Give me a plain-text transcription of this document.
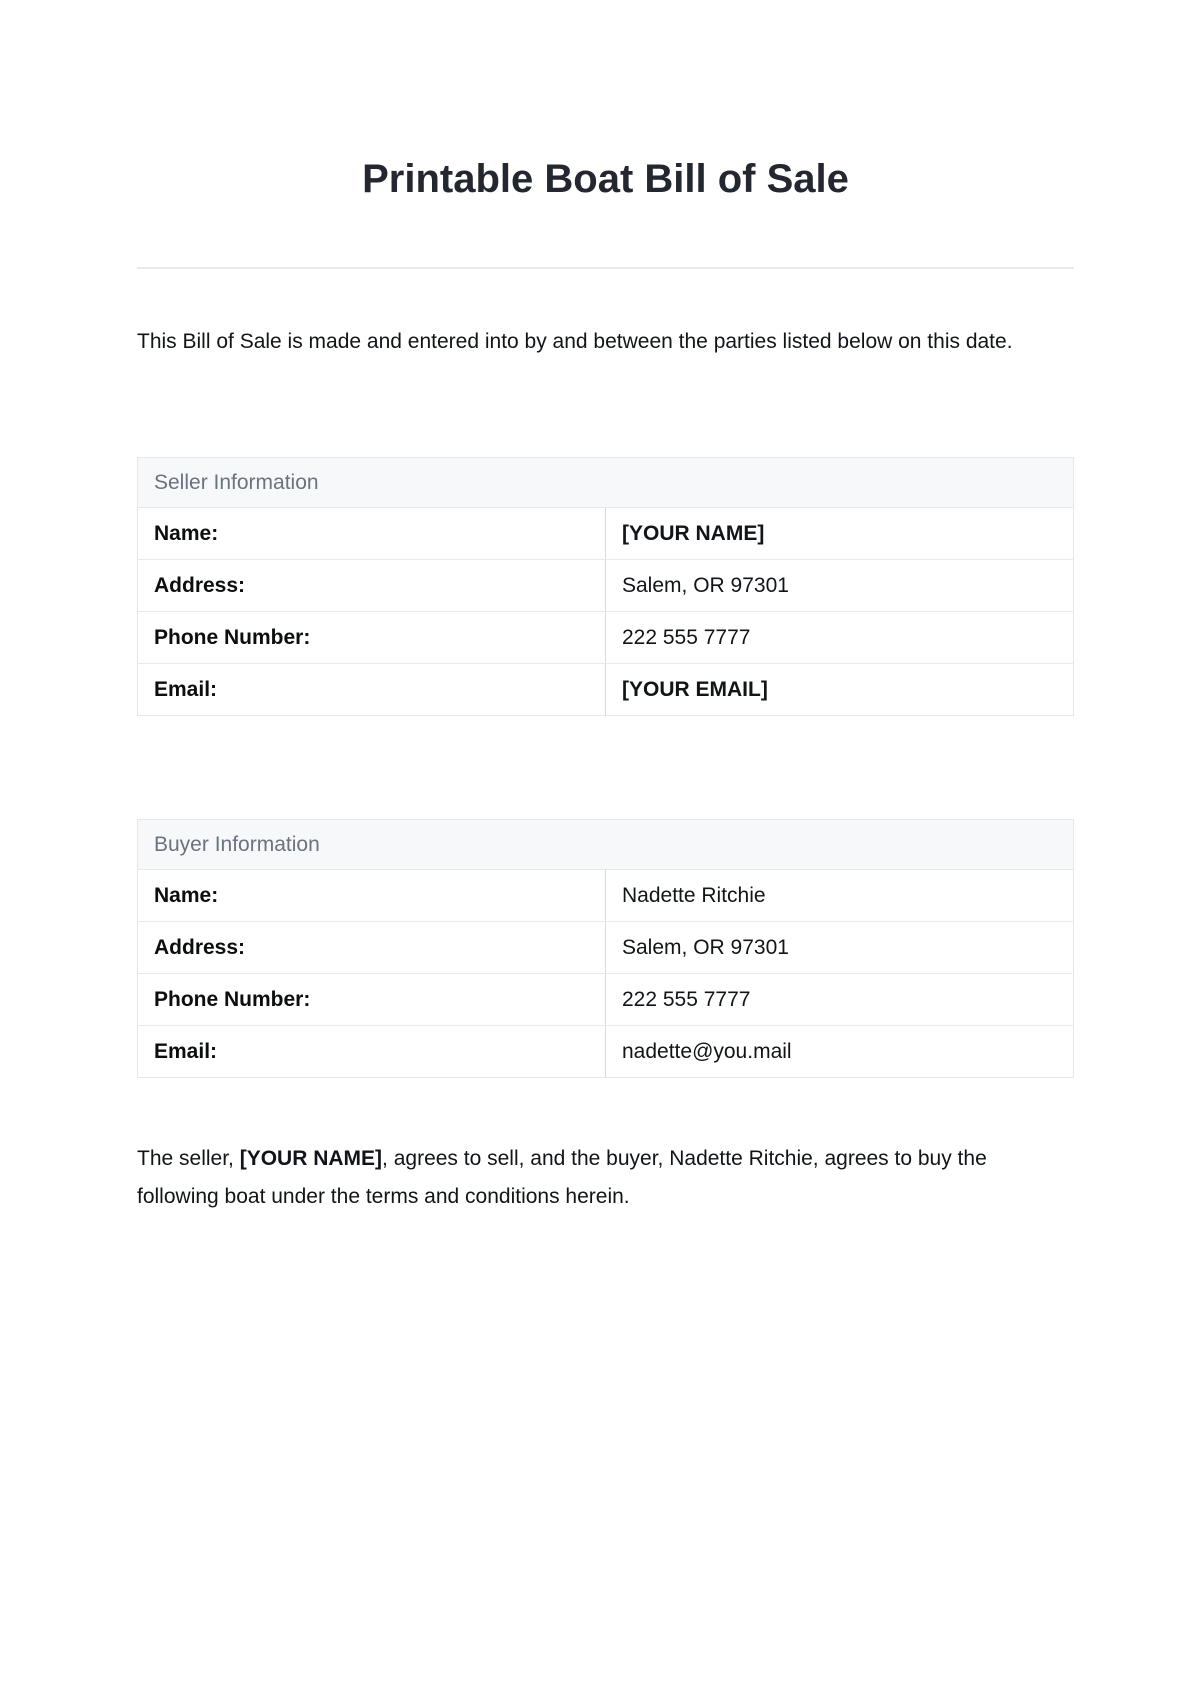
Printable Boat Bill of Sale

This Bill of Sale is made and entered into by and between the parties listed below on this date.

Seller Information	
Name:	[YOUR NAME]
Address:	Salem, OR 97301
Phone Number:	222 555 7777
Email:	[YOUR EMAIL]
Buyer Information	
Name:	Nadette Ritchie
Address:	Salem, OR 97301
Phone Number:	222 555 7777
Email:	nadette@you.mail

The seller, [YOUR NAME], agrees to sell, and the buyer, Nadette Ritchie, agrees to buy the following boat under the terms and conditions herein.
